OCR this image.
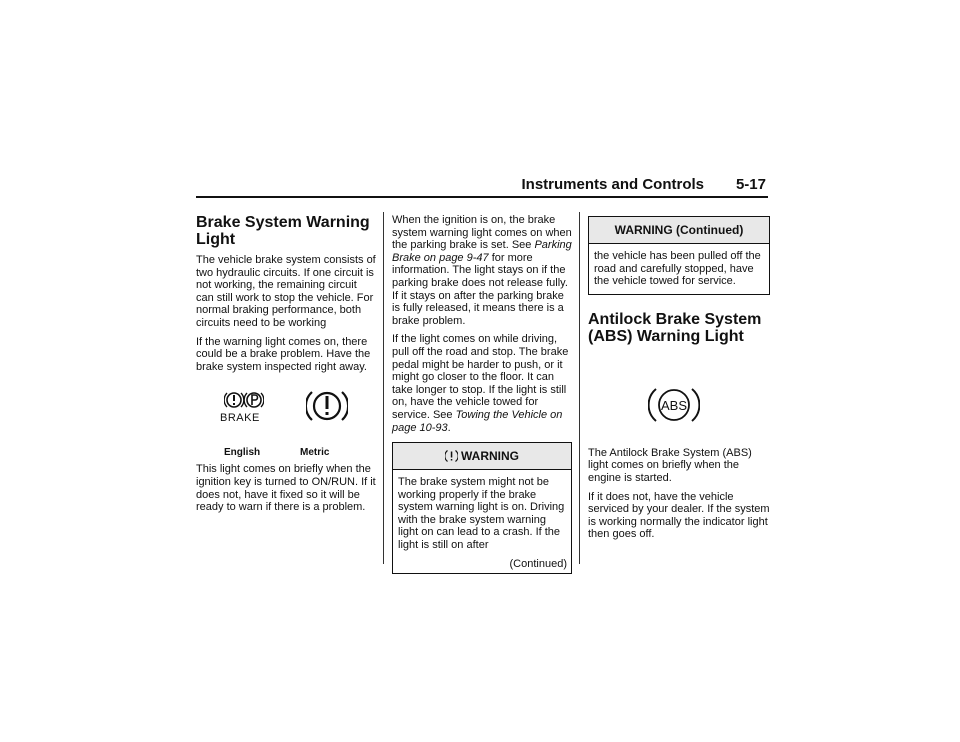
Instruments and Controls 5-17
Brake System Warning Light

The vehicle brake system consists of two hydraulic circuits. If one circuit is not working, the remaining circuit can still work to stop the vehicle. For normal braking performance, both circuits need to be working

If the warning light comes on, there could be a brake problem. Have the brake system inspected right away.

BRAKE
English	Metric

This light comes on briefly when the ignition key is turned to ON/RUN. If it does not, have it fixed so it will be ready to warn if there is a problem.

When the ignition is on, the brake system warning light comes on when the parking brake is set. See Parking Brake on page 9-47 for more information. The light stays on if the parking brake does not release fully. If it stays on after the parking brake is fully released, it means there is a brake problem.

If the light comes on while driving, pull off the road and stop. The brake pedal might be harder to push, or it might go closer to the floor. It can take longer to stop. If the light is still on, have the vehicle towed for service. See Towing the Vehicle on page 10-93.

WARNING

The brake system might not be working properly if the brake system warning light is on. Driving with the brake system warning light on can lead to a crash. If the light is still on after

(Continued)
WARNING (Continued)

the vehicle has been pulled off the road and carefully stopped, have the vehicle towed for service.

Antilock Brake System (ABS) Warning Light
ABS

The Antilock Brake System (ABS) light comes on briefly when the engine is started.

If it does not, have the vehicle serviced by your dealer. If the system is working normally the indicator light then goes off.
